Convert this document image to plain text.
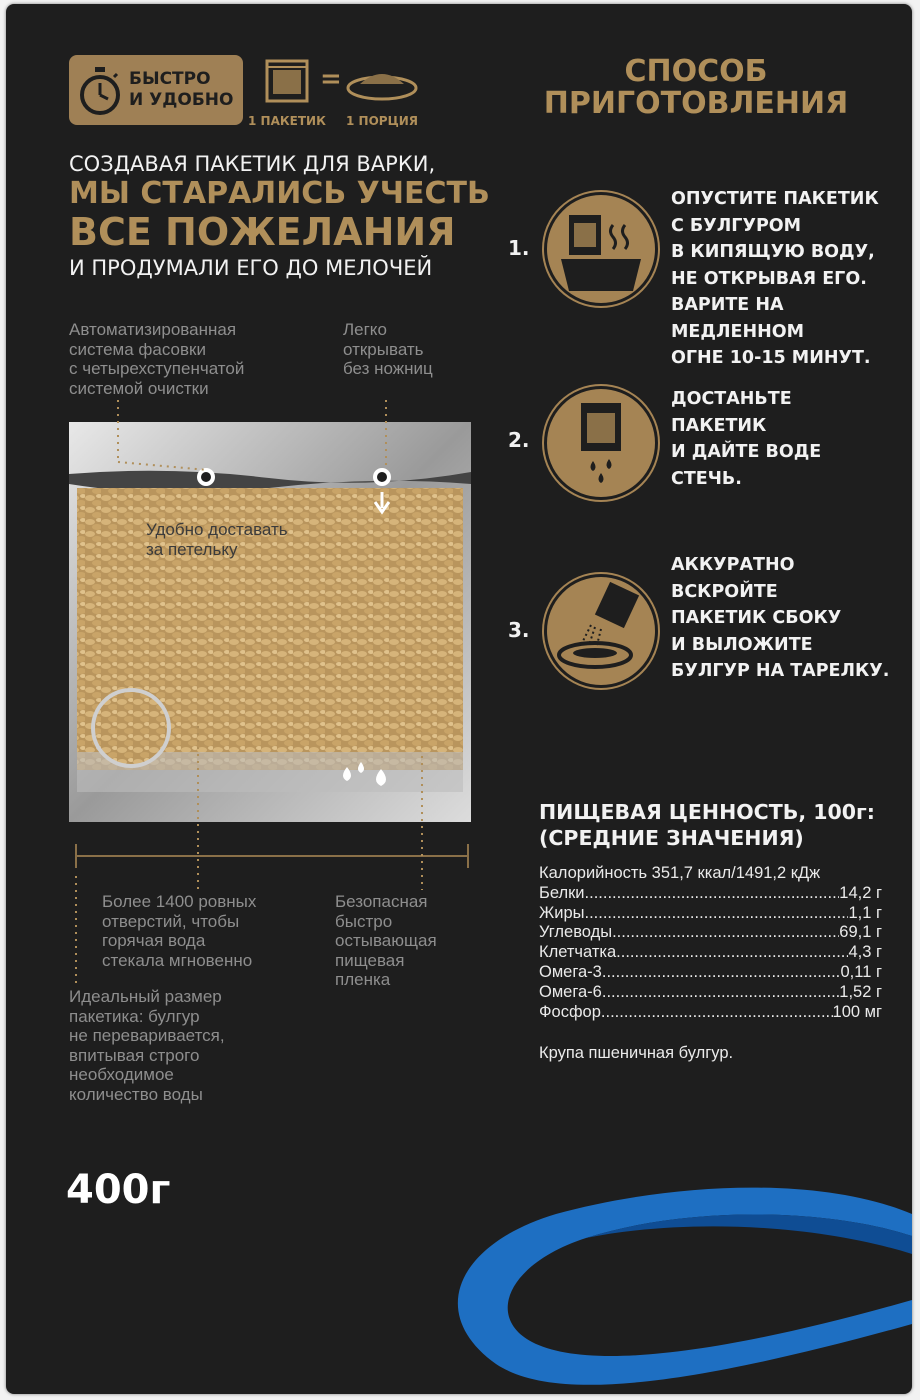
БЫСТРО
И УДОБНО
=
1 ПАКЕТИК 1 ПОРЦИЯ
СПОСОБ
ПРИГОТОВЛЕНИЯ
СОЗДАВАЯ ПАКЕТИК ДЛЯ ВАРКИ,
МЫ СТАРАЛИСЬ УЧЕСТЬ
ВСЕ ПОЖЕЛАНИЯ
И ПРОДУМАЛИ ЕГО ДО МЕЛОЧЕЙ
Автоматизированная
система фасовки
с четырехступенчатой
системой очистки
Легко
открывать
без ножниц
Удобно доставать
за петельку
Более 1400 ровных
отверстий, чтобы
горячая вода
стекала мгновенно
Безопасная
быстро
остывающая
пищевая
пленка
Идеальный размер
пакетика: булгур
не переваривается,
впитывая строго
необходимое
количество воды
1.
ОПУСТИТЕ ПАКЕТИК
С БУЛГУРОМ
В КИПЯЩУЮ ВОДУ,
НЕ ОТКРЫВАЯ ЕГО.
ВАРИТЕ НА
МЕДЛЕННОМ
ОГНЕ 10-15 МИНУТ.
2.
ДОСТАНЬТЕ
ПАКЕТИК
И ДАЙТЕ ВОДЕ
СТЕЧЬ.
3.
АККУРАТНО
ВСКРОЙТЕ
ПАКЕТИК СБОКУ
И ВЫЛОЖИТЕ
БУЛГУР НА ТАРЕЛКУ.
ПИЩЕВАЯ ЦЕННОСТЬ, 100г:
(СРЕДНИЕ ЗНАЧЕНИЯ)
Калорийность 351,7 ккал/1491,2 кДж
Белки .....	14,2 г
Жиры .....	1,1 г
Углеводы .....	69,1 г
Клетчатка .....	4,3 г
Омега-3 .....	0,11 г
Омега-6 .....	1,52 г
Фосфор .....	100 мг
Крупа пшеничная булгур.
400г
